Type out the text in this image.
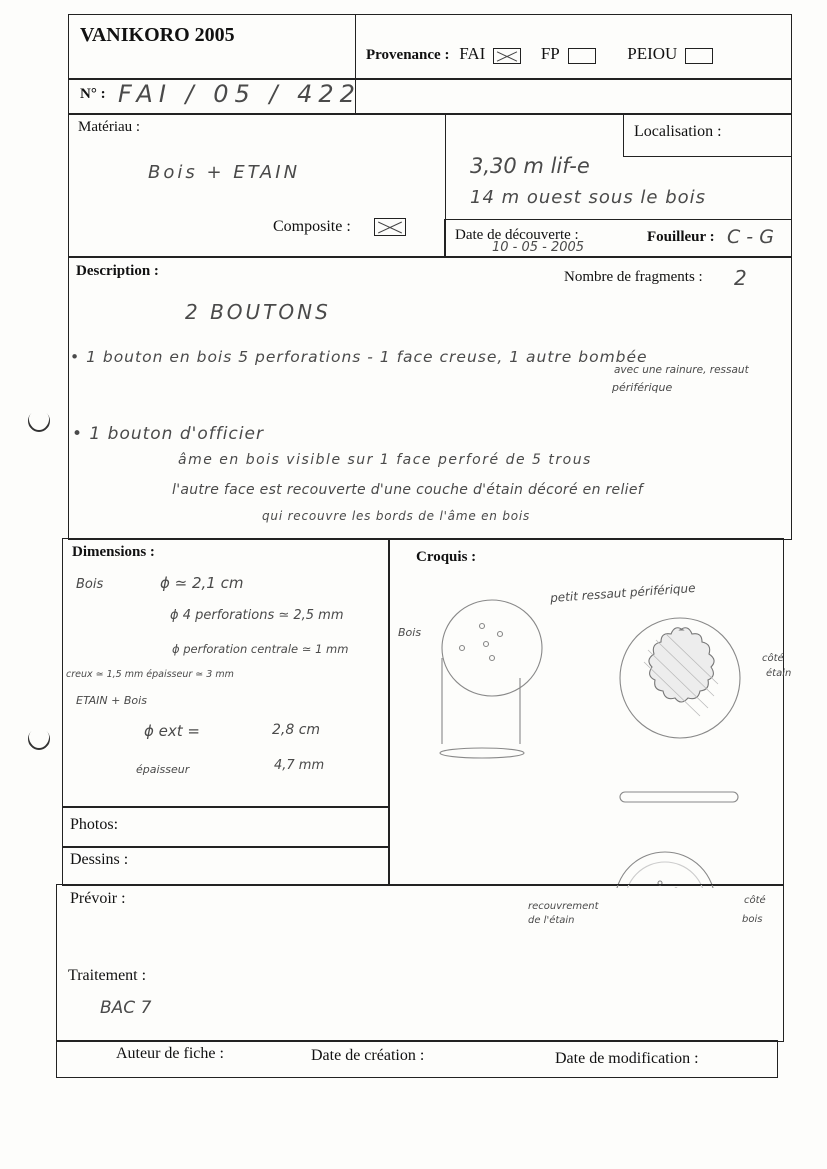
VANIKORO 2005
Provenance : FAI	FP	PEIOU
N° : FAI / 05 / 422
Matériau :
Bois + ETAIN
Composite :
Localisation :
3,30 m lif-e
14 m ouest sous le bois
Date de découverte :
10 - 05 - 2005
Fouilleur : C - G
Description :	Nombre de fragments : 2
2 BOUTONS
• 1 bouton en bois 5 perforations - 1 face creuse, 1 autre bombée
avec une rainure, ressaut
périférique
• 1 bouton d'officier
âme en bois visible sur 1 face perforé de 5 trous
l'autre face est recouverte d'une couche d'étain décoré en relief
qui recouvre les bords de l'âme en bois
Dimensions :
Bois	ϕ ≃ 2,1 cm
ϕ 4 perforations ≃ 2,5 mm
ϕ perforation centrale ≃ 1 mm
creux ≃ 1,5 mm épaisseur ≃ 3 mm
ETAIN + Bois
ϕ ext =	2,8 cm
épaisseur	4,7 mm
Photos:
Dessins :
Croquis :
petit ressaut périférique
Bois
côté
étain
Prévoir :	recouvrement
de l'étain
côté
bois
Traitement :
BAC 7
Auteur de fiche :	Date de création :	Date de modification :
